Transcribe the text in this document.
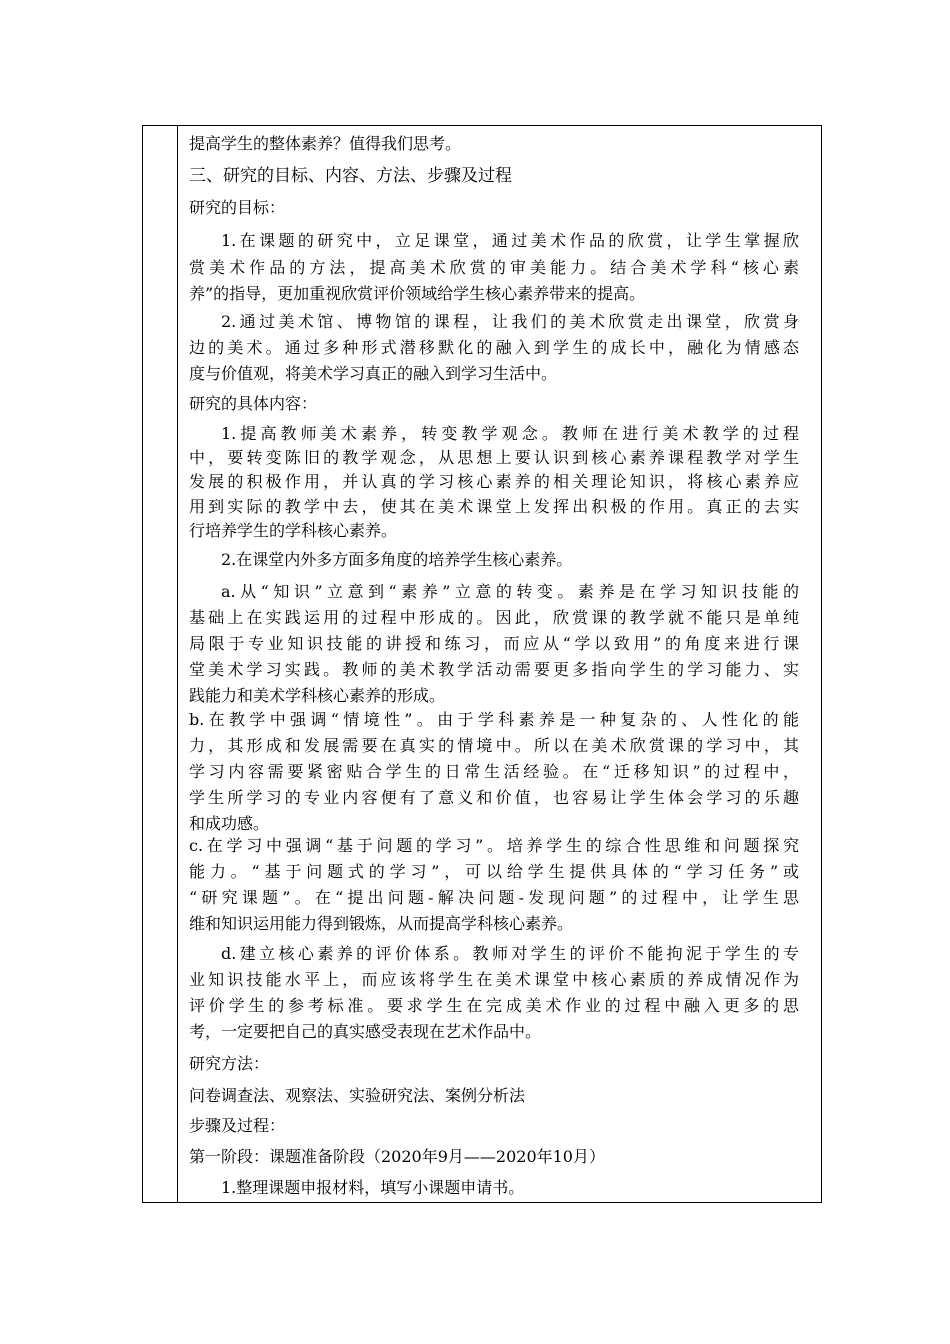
提高学生的整体素养？值得我们思考。
三、研究的目标、内容、方法、步骤及过程
研究的目标：
1.在课题的研究中，立足课堂，通过美术作品的欣赏，让学生掌握欣
赏美术作品的方法，提高美术欣赏的审美能力。结合美术学科“核心素
养”的指导，更加重视欣赏评价领域给学生核心素养带来的提高。
2.通过美术馆、博物馆的课程，让我们的美术欣赏走出课堂，欣赏身
边的美术。通过多种形式潜移默化的融入到学生的成长中，融化为情感态
度与价值观，将美术学习真正的融入到学习生活中。
研究的具体内容：
1.提高教师美术素养，转变教学观念。教师在进行美术教学的过程
中，要转变陈旧的教学观念，从思想上要认识到核心素养课程教学对学生
发展的积极作用，并认真的学习核心素养的相关理论知识，将核心素养应
用到实际的教学中去，使其在美术课堂上发挥出积极的作用。真正的去实
行培养学生的学科核心素养。
2.在课堂内外多方面多角度的培养学生核心素养。
a.从“知识”立意到“素养”立意的转变。素养是在学习知识技能的
基础上在实践运用的过程中形成的。因此，欣赏课的教学就不能只是单纯
局限于专业知识技能的讲授和练习，而应从“学以致用”的角度来进行课
堂美术学习实践。教师的美术教学活动需要更多指向学生的学习能力、实
践能力和美术学科核心素养的形成。
b.在教学中强调“情境性”。由于学科素养是一种复杂的、人性化的能
力，其形成和发展需要在真实的情境中。所以在美术欣赏课的学习中，其
学习内容需要紧密贴合学生的日常生活经验。在“迁移知识”的过程中，
学生所学习的专业内容便有了意义和价值，也容易让学生体会学习的乐趣
和成功感。
c.在学习中强调“基于问题的学习”。培养学生的综合性思维和问题探究
能力。“基于问题式的学习”，可以给学生提供具体的“学习任务”或
“研究课题”。在“提出问题-解决问题-发现问题”的过程中，让学生思
维和知识运用能力得到锻炼，从而提高学科核心素养。
d.建立核心素养的评价体系。教师对学生的评价不能拘泥于学生的专
业知识技能水平上，而应该将学生在美术课堂中核心素质的养成情况作为
评价学生的参考标准。要求学生在完成美术作业的过程中融入更多的思
考，一定要把自己的真实感受表现在艺术作品中。
研究方法：
问卷调查法、观察法、实验研究法、案例分析法
步骤及过程：
第一阶段：课题准备阶段（2020年9月——2020年10月）
1.整理课题申报材料，填写小课题申请书。
